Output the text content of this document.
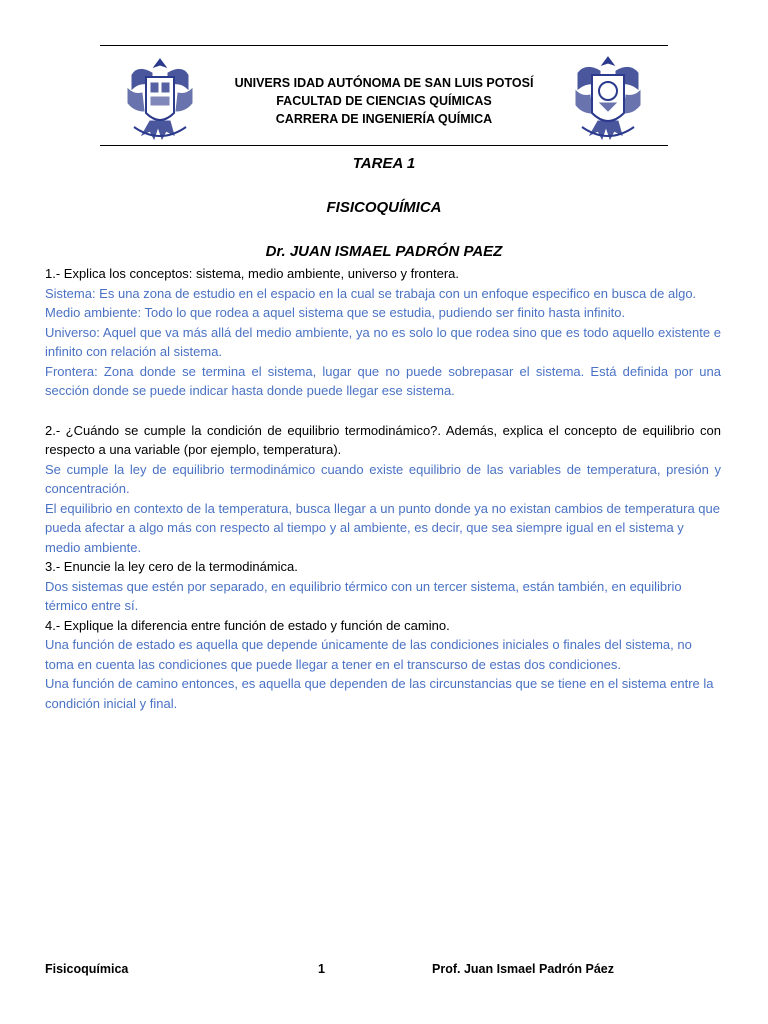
UNIVERS IDAD AUTÓNOMA DE SAN LUIS POTOSÍ
FACULTAD DE CIENCIAS QUÍMICAS
CARRERA DE INGENIERÍA QUÍMICA
TAREA 1
FISICOQUÍMICA
Dr. JUAN ISMAEL PADRÓN PAEZ
1.- Explica los conceptos: sistema, medio ambiente, universo y frontera.
Sistema: Es una zona de estudio en el espacio en la cual se trabaja con un enfoque especifico en busca de algo.
Medio ambiente: Todo lo que rodea a aquel sistema que se estudia, pudiendo ser finito hasta infinito.
Universo: Aquel que va más allá del medio ambiente, ya no es solo lo que rodea sino que es todo aquello existente e infinito con relación al sistema.
Frontera: Zona donde se termina el sistema, lugar que no puede sobrepasar el sistema. Está definida por una sección donde se puede indicar hasta donde puede llegar ese sistema.
2.- ¿Cuándo se cumple la condición de equilibrio termodinámico?. Además, explica el concepto de equilibrio con respecto a una variable (por ejemplo, temperatura).
Se cumple la ley de equilibrio termodinámico cuando existe equilibrio de las variables de temperatura, presión y concentración.
El equilibrio en contexto de la temperatura, busca llegar a un punto donde ya no existan cambios de temperatura que pueda afectar a algo más con respecto al tiempo y al ambiente, es decir, que sea siempre igual en el sistema y medio ambiente.
3.- Enuncie la ley cero de la termodinámica.
Dos sistemas que estén por separado, en equilibrio térmico con un tercer sistema, están también, en equilibrio térmico entre sí.
4.- Explique la diferencia entre función de estado y función de camino.
Una función de estado es aquella que depende únicamente de las condiciones iniciales o finales del sistema, no toma en cuenta las condiciones que puede llegar a tener en el transcurso de estas dos condiciones.
Una función de camino entonces, es aquella que dependen de las circunstancias que se tiene en el sistema entre la condición inicial y final.
Fisicoquímica	1	Prof. Juan Ismael Padrón Páez
